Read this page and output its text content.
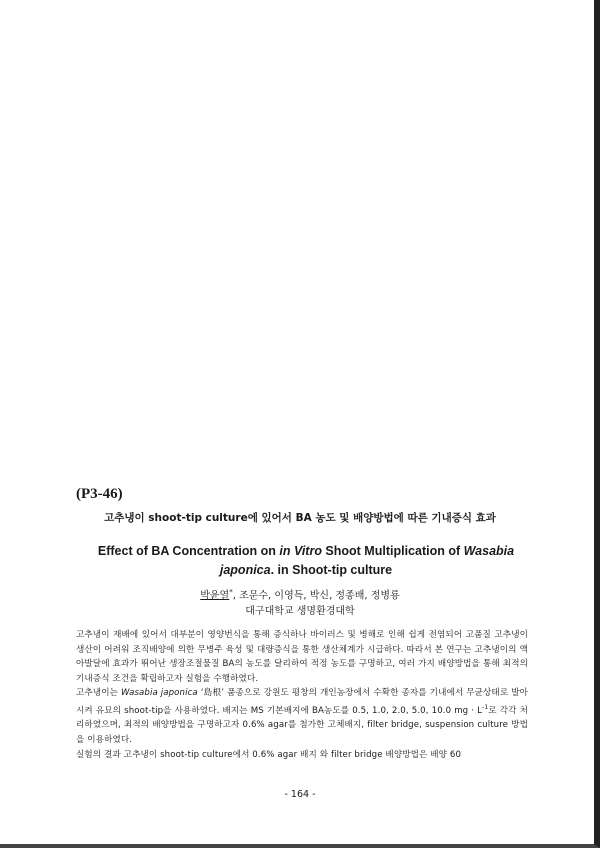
(P3-46)
고추냉이 shoot-tip culture에 있어서 BA 농도 및 배양방법에 따른 기내증식 효과
Effect of BA Concentration on in Vitro Shoot Multiplication of Wasabia japonica. in Shoot-tip culture
박윤열*, 조문수, 이영득, 박신, 정종배, 정병룡
대구대학교 생명환경대학

고추냉이 재배에 있어서 대부분이 영양번식을 통해 증식하나 바이러스 및 병해로 인해 쉽게 전염되어 고품질 고추냉이 생산이 어려워 조직배양에 의한 무병주 육성 및 대량증식을 통한 생산체계가 시급하다. 따라서 본 연구는 고추냉이의 액아발달에 효과가 뛰어난 생장조절물질 BA의 농도를 달리하여 적정 농도를 구명하고, 여러 가지 배양방법을 통해 최적의 기내증식 조건을 확립하고자 실험을 수행하였다.

고추냉이는 Wasabia japonica ‘島根’ 품종으로 강원도 평창의 개인농장에서 수확한 종자를 기내에서 무균상태로 발아시켜 유묘의 shoot-tip을 사용하였다. 배지는 MS 기본배지에 BA농도를 0.5, 1.0, 2.0, 5.0, 10.0 mg · $L^{-1}$로 각각 처리하였으며, 최적의 배양방법을 구명하고자 0.6% agar를 첨가한 고체배지, filter bridge, suspension culture 방법을 이용하였다.

실험의 결과 고추냉이 shoot-tip culture에서 0.6% agar 배지 와 filter bridge 배양방법은 배양 60

- 164 -
